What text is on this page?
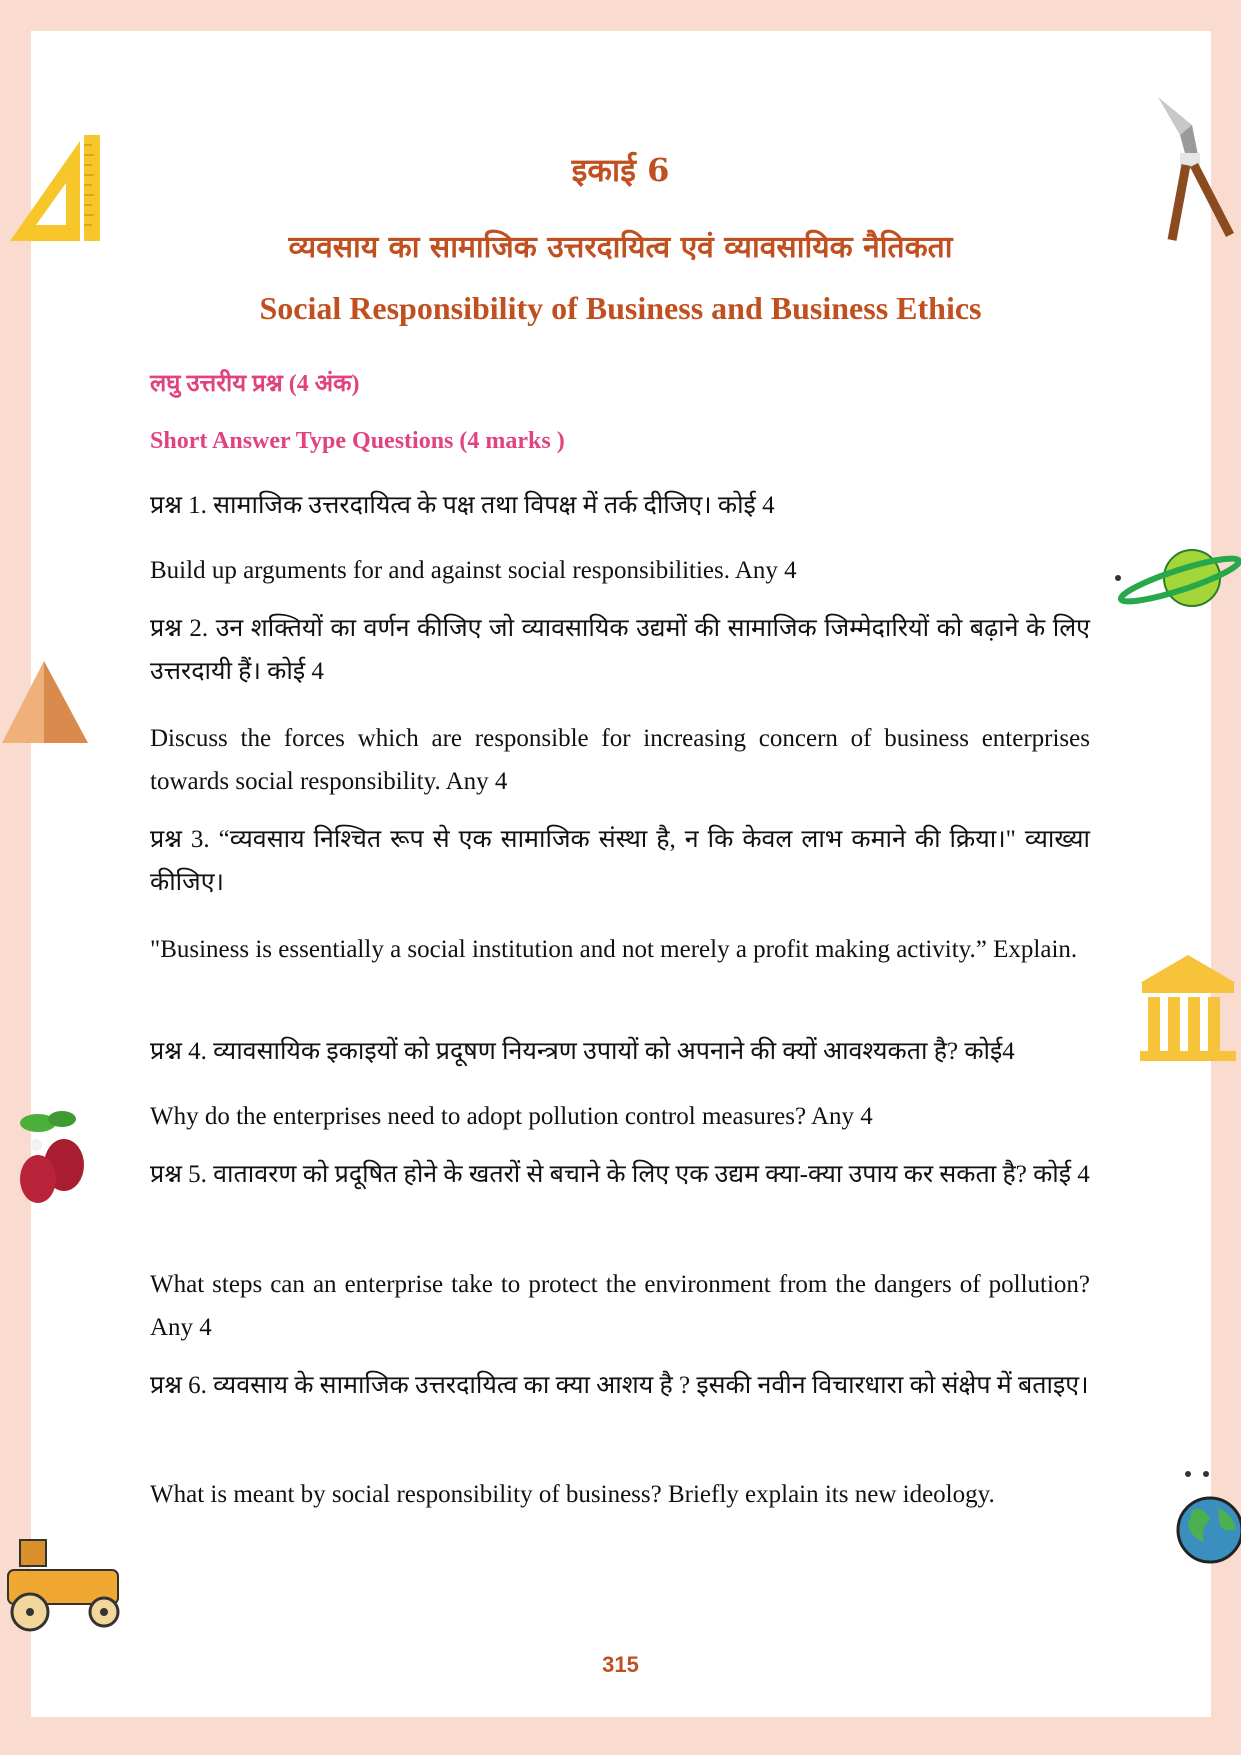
इकाई 6
व्यवसाय का सामाजिक उत्तरदायित्व एवं व्यावसायिक नैतिकता
Social Responsibility of Business and Business Ethics
लघु उत्तरीय प्रश्न (4 अंक)
Short Answer Type Questions (4 marks )
प्रश्न 1. सामाजिक उत्तरदायित्व के पक्ष तथा विपक्ष में तर्क दीजिए। कोई 4
Build up arguments for and against social responsibilities. Any 4
प्रश्न 2. उन शक्तियों का वर्णन कीजिए जो व्यावसायिक उद्यमों की सामाजिक जिम्मेदारियों को बढ़ाने के लिए उत्तरदायी हैं। कोई 4
Discuss the forces which are responsible for increasing concern of business enterprises towards social responsibility. Any 4
प्रश्न 3. “व्यवसाय निश्चित रूप से एक सामाजिक संस्था है, न कि केवल लाभ कमाने की क्रिया।" व्याख्या कीजिए।
"Business is essentially a social institution and not merely a profit making activity.” Explain.
प्रश्न 4. व्यावसायिक इकाइयों को प्रदूषण नियन्त्रण उपायों को अपनाने की क्यों आवश्यकता है? कोई4
Why do the enterprises need to adopt pollution control measures? Any 4
प्रश्न 5. वातावरण को प्रदूषित होने के खतरों से बचाने के लिए एक उद्यम क्या-क्या उपाय कर सकता है? कोई 4
What steps can an enterprise take to protect the environment from the dangers of pollution? Any 4
प्रश्न 6. व्यवसाय के सामाजिक उत्तरदायित्व का क्या आशय है ? इसकी नवीन विचारधारा को संक्षेप में बताइए।
What is meant by social responsibility of business? Briefly explain its new ideology.
315
